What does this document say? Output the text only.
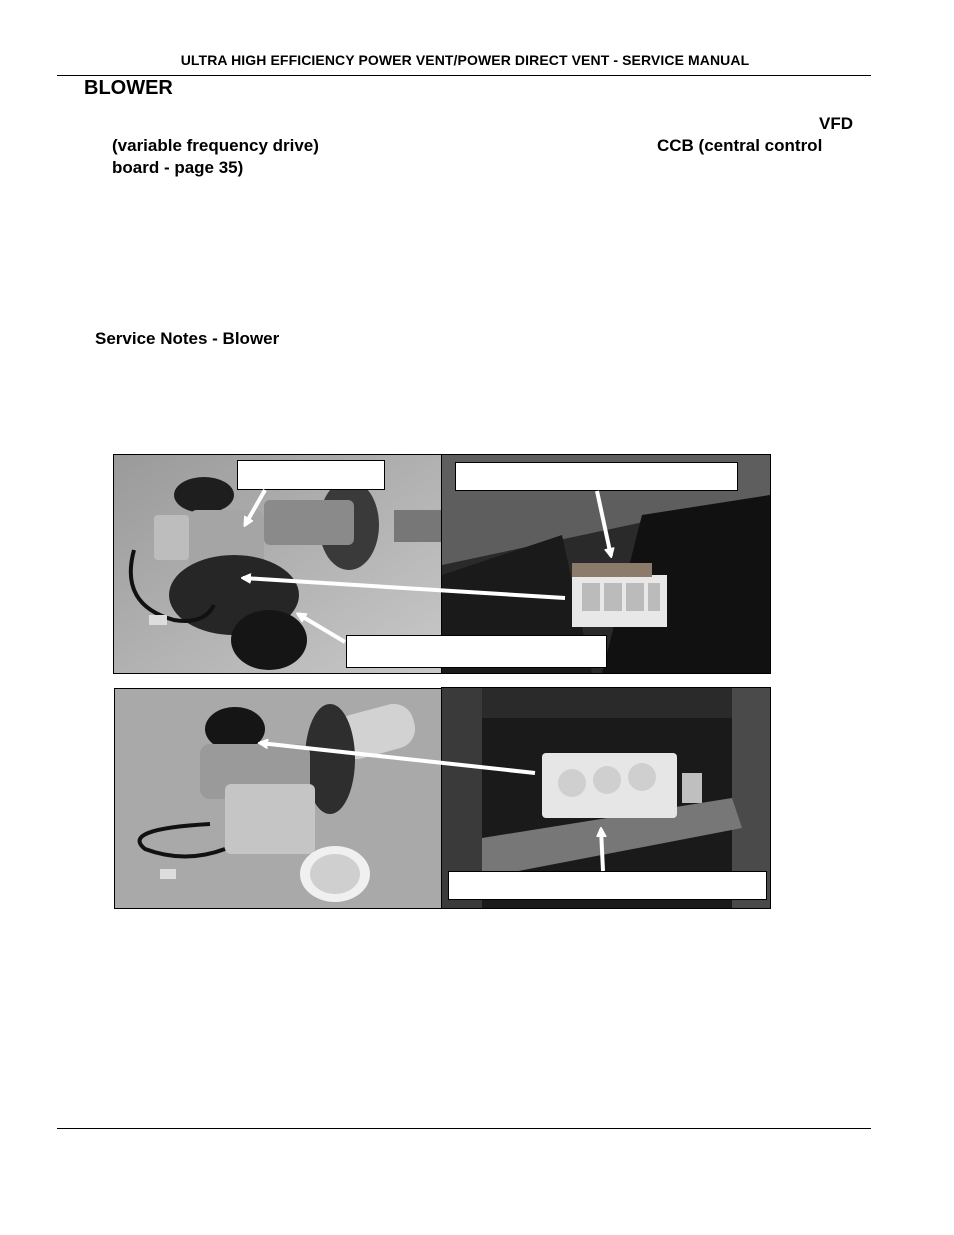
ULTRA HIGH EFFICIENCY POWER VENT/POWER DIRECT VENT - SERVICE MANUAL
BLOWER
VFD
(variable frequency drive)	CCB (central control
board - page 35)
Service Notes - Blower
